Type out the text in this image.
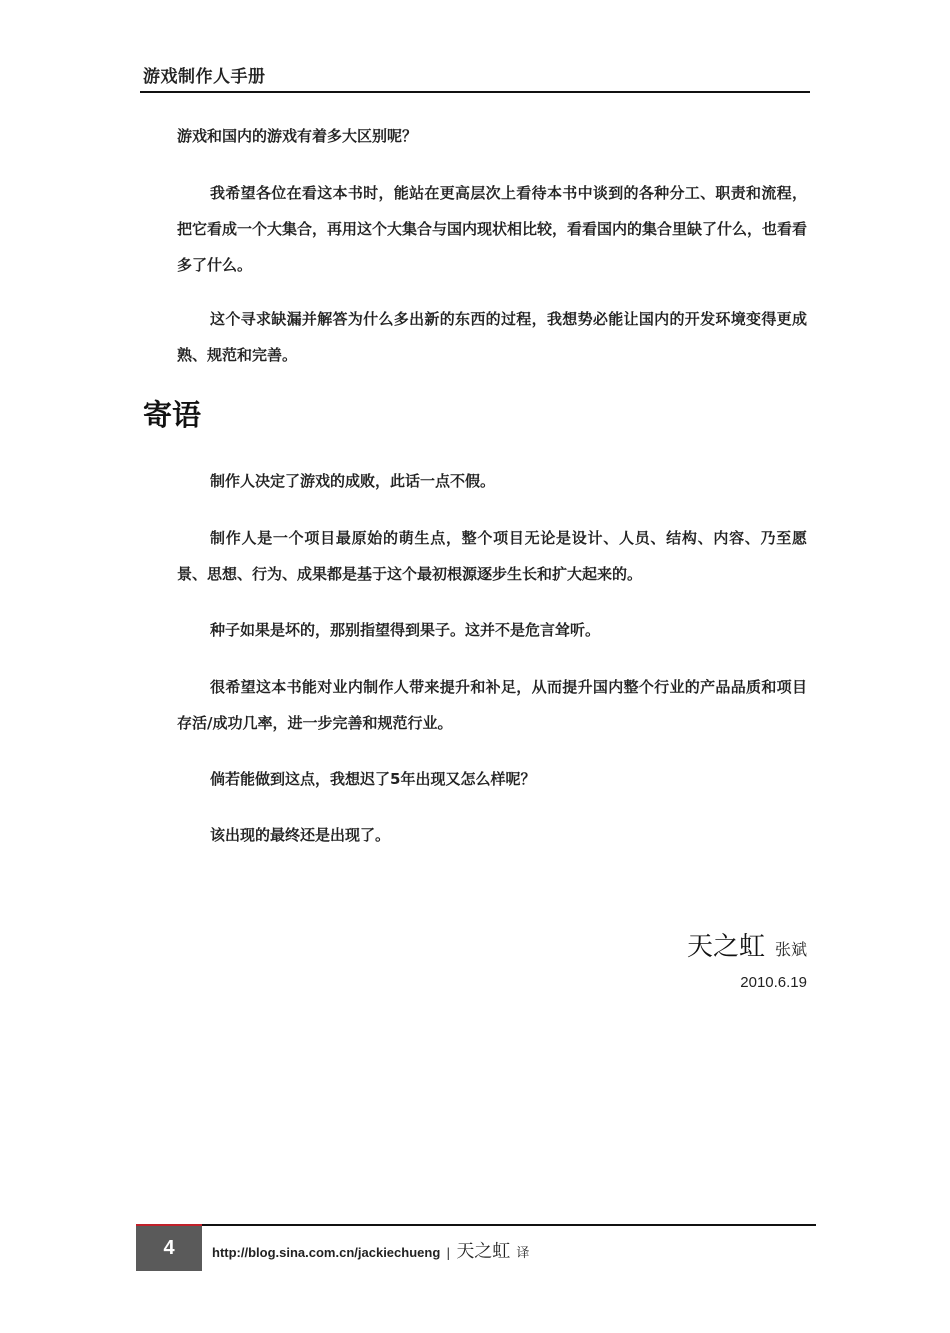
游戏制作人手册

游戏和国内的游戏有着多大区别呢？

我希望各位在看这本书时，能站在更高层次上看待本书中谈到的各种分工、职责和流程，把它看成一个大集合，再用这个大集合与国内现状相比较，看看国内的集合里缺了什么，也看看多了什么。

这个寻求缺漏并解答为什么多出新的东西的过程，我想势必能让国内的开发环境变得更成熟、规范和完善。

寄语

制作人决定了游戏的成败，此话一点不假。

制作人是一个项目最原始的萌生点，整个项目无论是设计、人员、结构、内容、乃至愿景、思想、行为、成果都是基于这个最初根源逐步生长和扩大起来的。

种子如果是坏的，那别指望得到果子。这并不是危言耸听。

很希望这本书能对业内制作人带来提升和补足，从而提升国内整个行业的产品品质和项目存活/成功几率，进一步完善和规范行业。

倘若能做到这点，我想迟了5年出现又怎么样呢？

该出现的最终还是出现了。

天之虹 张斌
2010.6.19
4	http://blog.sina.com.cn/jackiechueng | 天之虹 译
